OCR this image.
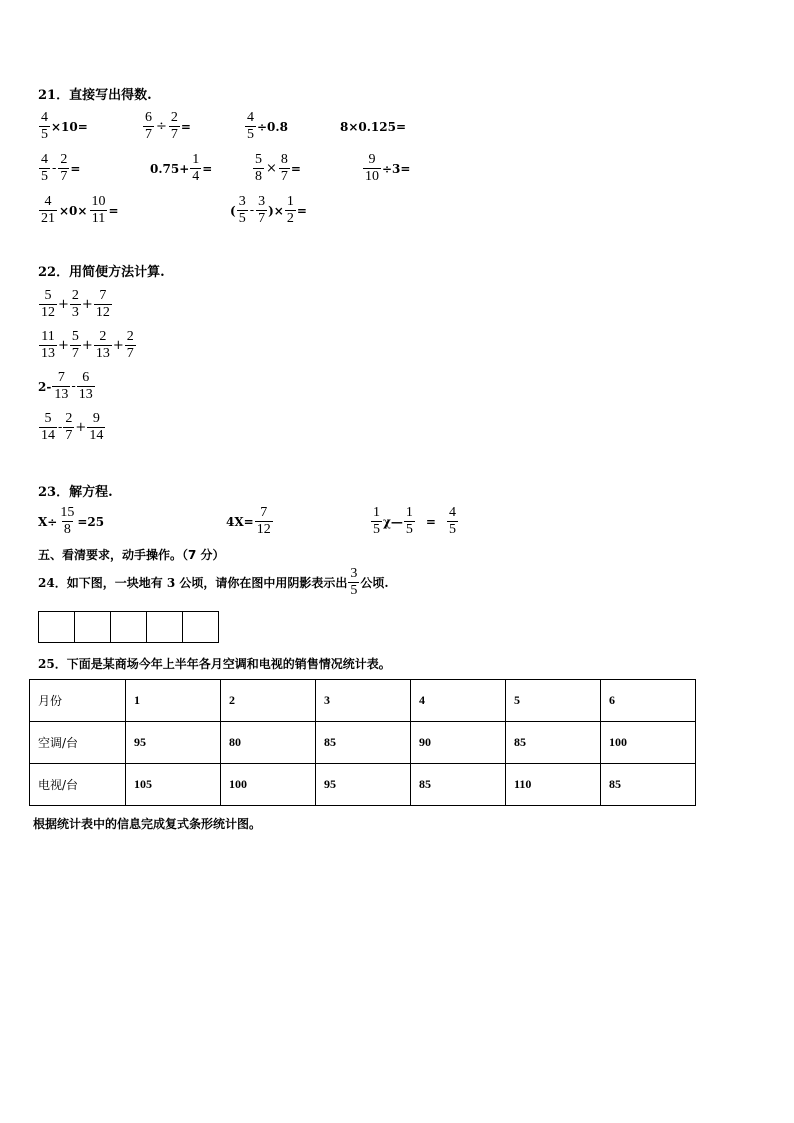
21．直接写出得数.
$\frac{4}{5} \times 10=$	$\frac{6}{7} \div \frac{2}{7}$ =	$\frac{4}{5} \div 0.8$	8×0.125=
$\frac{4}{5} - \frac{2}{7}$ =	$0.75+ \frac{1}{4}$ =	$\frac{5}{8} \times \frac{8}{7}$ =	$\frac{9}{10} \div 3=$
$\frac{4}{21} \times 0\times \frac{10}{11}$ =	( $\frac{3}{5} - \frac{3}{7}$ )× $\frac{1}{2}$ =
22．用简便方法计算.
$\frac{5}{12} + \frac{2}{3} + \frac{7}{12}$
$\frac{11}{13} + \frac{5}{7} + \frac{2}{13} + \frac{2}{7}$
$2- \frac{7}{13} - \frac{6}{13}$
$\frac{5}{14} - \frac{2}{7} + \frac{9}{14}$
23．解方程.
$X\div \frac{15}{8} =25$	$4X= \frac{7}{12}$	$\frac{1}{5}$ χ— $\frac{1}{5} = \frac{4}{5}$
五、看清要求，动手操作。（7 分）
24．如下图，一块地有 3 公顷，请你在图中用阴影表示出 $\frac{3}{5}$ 公顷.
25．下面是某商场今年上半年各月空调和电视的销售情况统计表。
月份	1	2	3	4	5	6
空调/台	95	80	85	90	85	100
电视/台	105	100	95	85	110	85
根据统计表中的信息完成复式条形统计图。
